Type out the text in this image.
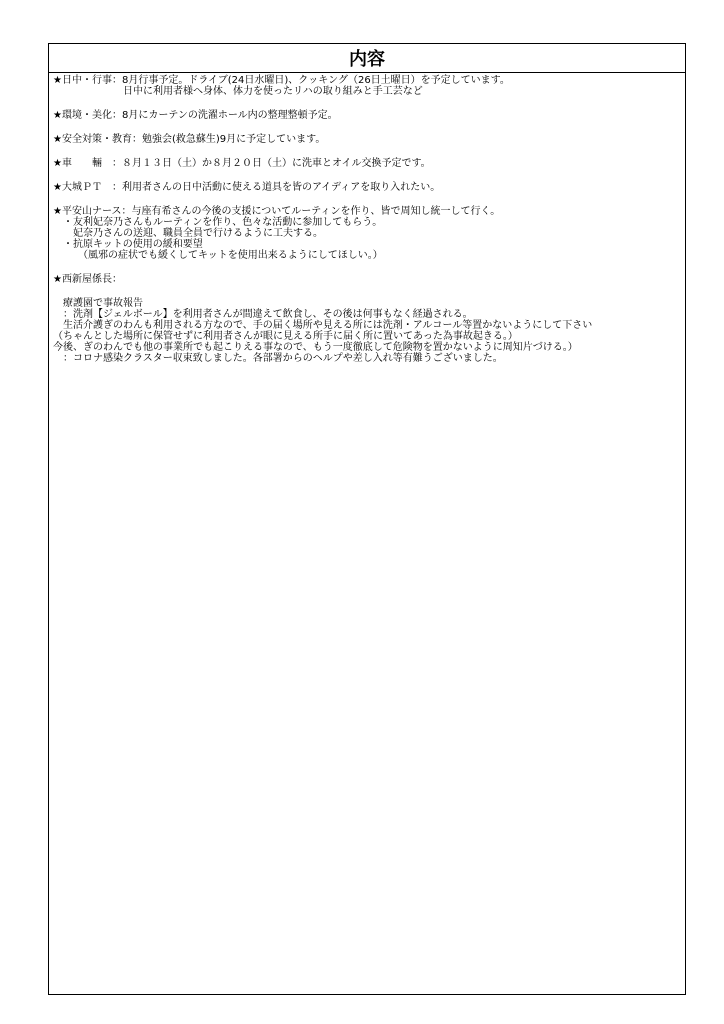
内容
★日中・行事：8月行事予定。ドライブ(24日水曜日)、クッキング（26日土曜日）を予定しています。
　　　　　　　日中に利用者様へ身体、体力を使ったリハの取り組みと手工芸など
★環境・美化：8月にカーテンの洗濯ホール内の整理整頓予定。
★安全対策・教育：勉強会(救急蘇生)9月に予定しています。
★車　　輛　：８月１３日（土）か８月２０日（土）に洗車とオイル交換予定です。
★大城ＰＴ　：利用者さんの日中活動に使える道具を皆のアイディアを取り入れたい。
★平安山ナース：与座有希さんの今後の支援についてルーティンを作り、皆で周知し統一して行く。
　・友利妃奈乃さんもルーティンを作り、色々な活動に参加してもらう。
　　妃奈乃さんの送迎、職員全員で行けるように工夫する。
　・抗原キットの使用の緩和要望
　　　（風邪の症状でも緩くしてキットを使用出来るようにしてほしい。）
★西新屋係長：
　療護園で事故報告
　：洗剤【ジェルボール】を利用者さんが間違えて飲食し、その後は何事もなく経過される。
　生活介護ぎのわんも利用される方なので、手の届く場所や見える所には洗剤・アルコール等置かないようにして下さい
（ちゃんとした場所に保管せずに利用者さんが眼に見える所手に届く所に置いてあった為事故起きる。）
今後、ぎのわんでも他の事業所でも起こりえる事なので、もう一度徹底して危険物を置かないように周知片づける。）
　：コロナ感染クラスター収束致しました。各部署からのヘルプや差し入れ等有難うございました。
